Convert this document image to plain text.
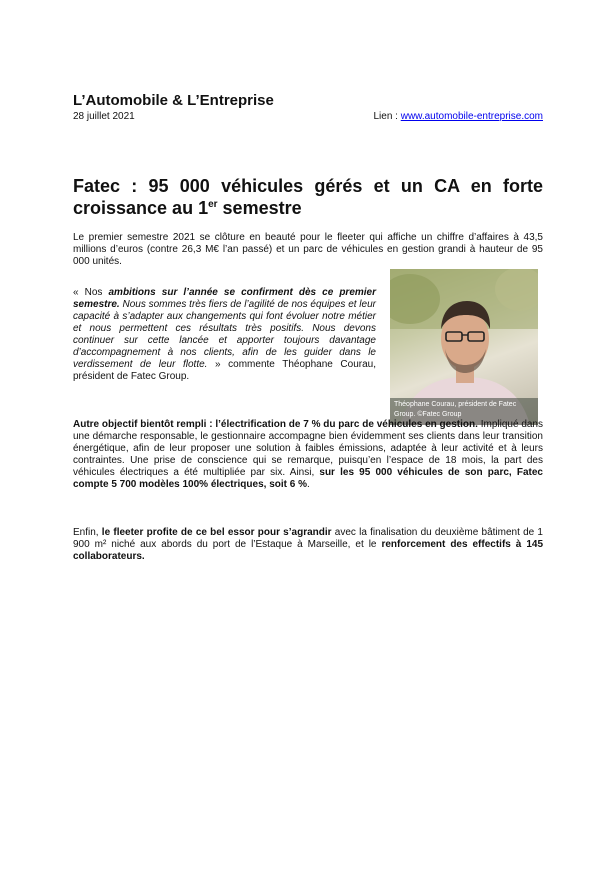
L’Automobile & L’Entreprise
28 juillet 2021	Lien : www.automobile-entreprise.com
Fatec : 95 000 véhicules gérés et un CA en forte croissance au 1er semestre

Le premier semestre 2021 se clôture en beauté pour le fleeter qui affiche un chiffre d’affaires à 43,5 millions d’euros (contre 26,3 M€ l’an passé) et un parc de véhicules en gestion grandi à hauteur de 95 000 unités.

« Nos ambitions sur l’année se confirment dès ce premier semestre. Nous sommes très fiers de l’agilité de nos équipes et leur capacité à s’adapter aux changements qui font évoluer notre métier et nous permettent ces résultats très positifs. Nous devons continuer sur cette lancée et apporter toujours davantage d’accompagnement à nos clients, afin de les guider dans le verdissement de leur flotte. » commente Théophane Courau, président de Fatec Group.

Théophane Courau, président de Fatec Group. ©Fatec Group

Autre objectif bientôt rempli : l’électrification de 7 % du parc de véhicules en gestion. Impliqué dans une démarche responsable, le gestionnaire accompagne bien évidemment ses clients dans leur transition énergétique, afin de leur proposer une solution à faibles émissions, adaptée à leur activité et à leurs contraintes. Une prise de conscience qui se remarque, puisqu’en l’espace de 18 mois, la part des véhicules électriques a été multipliée par six. Ainsi, sur les 95 000 véhicules de son parc, Fatec compte 5 700 modèles 100% électriques, soit 6 %.

Enfin, le fleeter profite de ce bel essor pour s’agrandir avec la finalisation du deuxième bâtiment de 1 900 m² niché aux abords du port de l’Estaque à Marseille, et le renforcement des effectifs à 145 collaborateurs.
